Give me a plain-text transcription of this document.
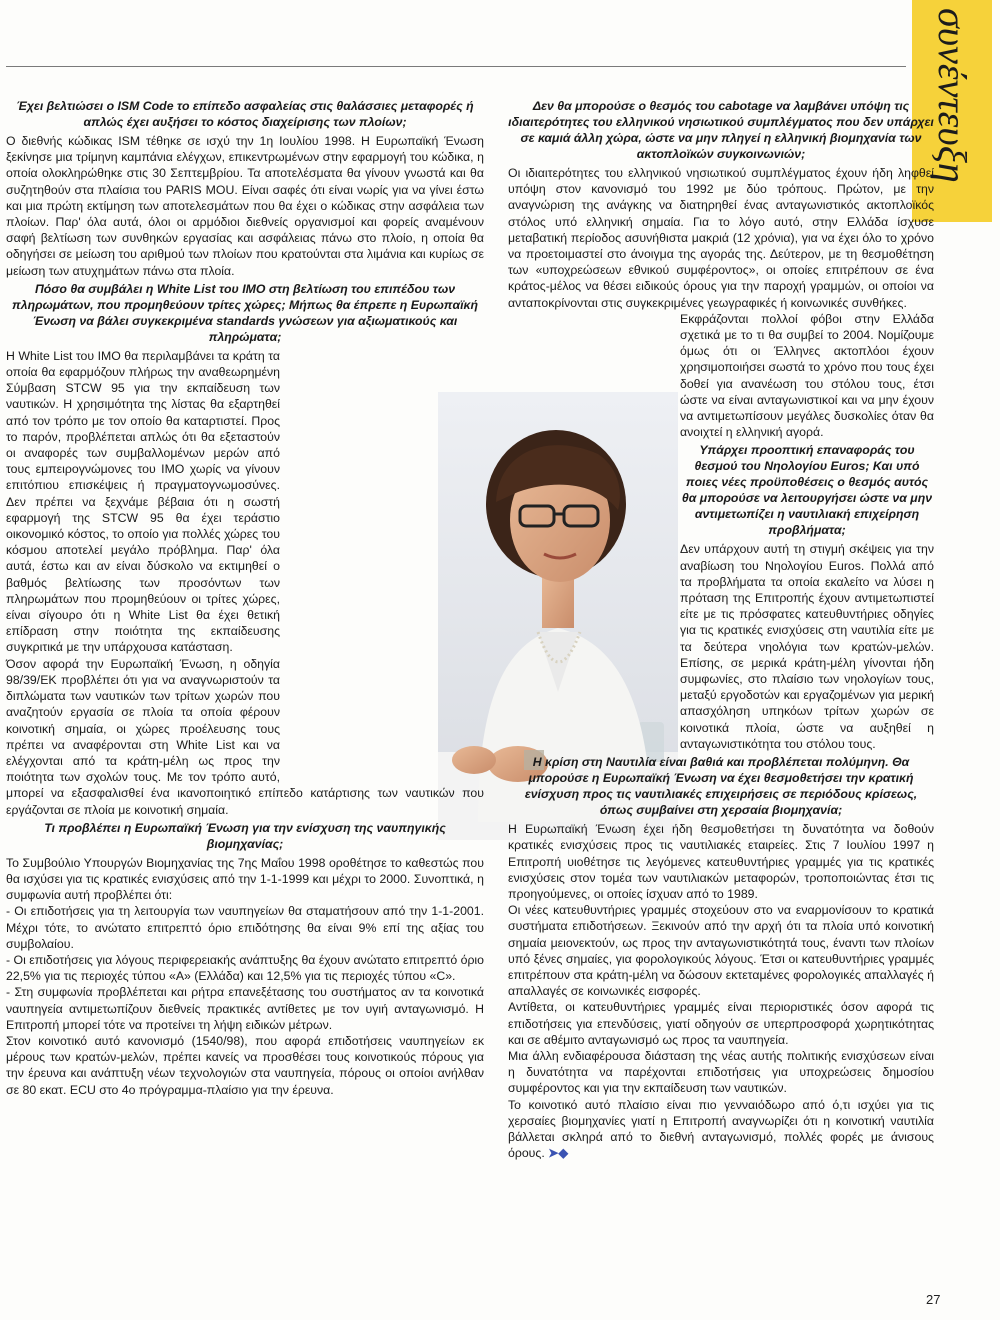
συνέντευξη

Έχει βελτιώσει ο ISM Code το επίπεδο ασφαλείας στις θαλάσσιες μεταφορές ή απλώς έχει αυξήσει το κόστος διαχείρισης των πλοίων;

Ο διεθνής κώδικας ISM τέθηκε σε ισχύ την 1η Ιουλίου 1998. Η Ευρωπαϊκή Ένωση ξεκίνησε μια τρίμηνη καμπάνια ελέγχων, επικεντρωμένων στην εφαρμογή του κώδικα, η οποία ολοκληρώθηκε στις 30 Σεπτεμβρίου. Τα αποτελέσματα θα γίνουν γνωστά και θα συζητηθούν στα πλαίσια του PARIS MOU. Είναι σαφές ότι είναι νωρίς για να γίνει έστω και μια πρώτη εκτίμηση των αποτελεσμάτων που θα έχει ο κώδικας στην ασφάλεια των πλοίων. Παρ' όλα αυτά, όλοι οι αρμόδιοι διεθνείς οργανισμοί και φορείς αναμένουν σαφή βελτίωση των συνθηκών εργασίας και ασφάλειας πάνω στο πλοίο, η οποία θα οδηγήσει σε μείωση του αριθμού των πλοίων που κρατούνται στα λιμάνια και κυρίως σε μείωση των ατυχημάτων πάνω στα πλοία.

Πόσο θα συμβάλει η White List του IMO στη βελτίωση του επιπέδου των πληρωμάτων, που προμηθεύουν τρίτες χώρες; Μήπως θα έπρεπε η Ευρωπαϊκή Ένωση να βάλει συγκεκριμένα standards γνώσεων για αξιωματικούς και πληρώματα;

Η White List του IMO θα περιλαμβάνει τα κράτη τα οποία θα εφαρμόζουν πλήρως την αναθεωρημένη Σύμβαση STCW 95 για την εκπαίδευση των ναυτικών. Η χρησιμότητα της λίστας θα εξαρτηθεί από τον τρόπο με τον οποίο θα καταρτιστεί. Προς το παρόν, προβλέπεται απλώς ότι θα εξεταστούν οι αναφορές των συμβαλλομένων μερών από τους εμπειρογνώμονες του IMO χωρίς να γίνουν επιτόπιου επισκέψεις ή πραγματογνωμοσύνες. Δεν πρέπει να ξεχνάμε βέβαια ότι η σωστή εφαρμογή της STCW 95 θα έχει τεράστιο οικονομικό κόστος, το οποίο για πολλές χώρες του κόσμου αποτελεί μεγάλο πρόβλημα. Παρ' όλα αυτά, έστω και αν είναι δύσκολο να εκτιμηθεί ο βαθμός βελτίωσης των προσόντων των πληρωμάτων που προμηθεύουν οι τρίτες χώρες, είναι σίγουρο ότι η White List θα έχει θετική επίδραση στην ποιότητα της εκπαίδευσης συγκριτικά με την υπάρχουσα κατάσταση.

Όσον αφορά την Ευρωπαϊκή Ένωση, η οδηγία 98/39/ΕΚ προβλέπει ότι για να αναγνωριστούν τα διπλώματα των ναυτικών των τρίτων χωρών που αναζητούν εργασία σε πλοία τα οποία φέρουν κοινοτική σημαία, οι χώρες προέλευσης τους πρέπει να αναφέρονται στη White List και να ελέγχονται από τα κράτη-μέλη ως προς την ποιότητα των σχολών τους. Με τον τρόπο αυτό, μπορεί να εξασφαλισθεί ένα ικανοποιητικό επίπεδο κατάρτισης των ναυτικών που εργάζονται σε πλοία με κοινοτική σημαία.

Τι προβλέπει η Ευρωπαϊκή Ένωση για την ενίσχυση της ναυπηγικής βιομηχανίας;

Το Συμβούλιο Υπουργών Βιομηχανίας της 7ης Μαΐου 1998 οροθέτησε το καθεστώς που θα ισχύσει για τις κρατικές ενισχύσεις από την 1-1-1999 και μέχρι το 2000. Συνοπτικά, η συμφωνία αυτή προβλέπει ότι:

- Οι επιδοτήσεις για τη λειτουργία των ναυπηγείων θα σταματήσουν από την 1-1-2001. Μέχρι τότε, το ανώτατο επιτρεπτό όριο επιδότησης θα είναι 9% επί της αξίας του συμβολαίου.

- Οι επιδοτήσεις για λόγους περιφερειακής ανάπτυξης θα έχουν ανώτατο επιτρεπτό όριο 22,5% για τις περιοχές τύπου «Α» (Ελλάδα) και 12,5% για τις περιοχές τύπου «C».

- Στη συμφωνία προβλέπεται και ρήτρα επανεξέτασης του συστήματος αν τα κοινοτικά ναυπηγεία αντιμετωπίζουν διεθνείς πρακτικές αντίθετες με τον υγιή ανταγωνισμό. Η Επιτροπή μπορεί τότε να προτείνει τη λήψη ειδικών μέτρων.

Στον κοινοτικό αυτό κανονισμό (1540/98), που αφορά επιδοτήσεις ναυπηγείων εκ μέρους των κρατών-μελών, πρέπει κανείς να προσθέσει τους κοινοτικούς πόρους για την έρευνα και ανάπτυξη νέων τεχνολογιών στα ναυπηγεία, πόρους οι οποίοι ανήλθαν σε 80 εκατ. ECU στο 4ο πρόγραμμα-πλαίσιο για την έρευνα.

Δεν θα μπορούσε ο θεσμός του cabotage να λαμβάνει υπόψη τις ιδιαιτερότητες του ελληνικού νησιωτικού συμπλέγματος που δεν υπάρχει σε καμιά άλλη χώρα, ώστε να μην πληγεί η ελληνική βιομηχανία των ακτοπλοϊκών συγκοινωνιών;

Οι ιδιαιτερότητες του ελληνικού νησιωτικού συμπλέγματος έχουν ήδη ληφθεί υπόψη στον κανονισμό του 1992 με δύο τρόπους. Πρώτον, με την αναγνώριση της ανάγκης να διατηρηθεί ένας ανταγωνιστικός ακτοπλοϊκός στόλος υπό ελληνική σημαία. Για το λόγο αυτό, στην Ελλάδα ίσχυσε μεταβατική περίοδος ασυνήθιστα μακριά (12 χρόνια), για να έχει όλο το χρόνο να προετοιμαστεί στο άνοιγμα της αγοράς της. Δεύτερον, με τη θεσμοθέτηση των «υποχρεώσεων εθνικού συμφέροντος», οι οποίες επιτρέπουν σε ένα κράτος-μέλος να θέσει ειδικούς όρους για την παροχή γραμμών, οι οποίοι να ανταποκρίνονται στις συγκεκριμένες γεωγραφικές ή κοινωνικές συνθήκες.

Εκφράζονται πολλοί φόβοι στην Ελλάδα σχετικά με το τι θα συμβεί το 2004. Νομίζουμε όμως ότι οι Έλληνες ακτοπλόοι έχουν χρησιμοποιήσει σωστά το χρόνο που τους έχει δοθεί για ανανέωση του στόλου τους, έτσι ώστε να είναι ανταγωνιστικοί και να μην έχουν να αντιμετωπίσουν μεγάλες δυσκολίες όταν θα ανοιχτεί η ελληνική αγορά.

Υπάρχει προοπτική επαναφοράς του θεσμού του Νηολογίου Euros; Και υπό ποιες νέες προϋποθέσεις ο θεσμός αυτός θα μπορούσε να λειτουργήσει ώστε να μην αντιμετωπίζει η ναυτιλιακή επιχείρηση προβλήματα;

Δεν υπάρχουν αυτή τη στιγμή σκέψεις για την αναβίωση του Νηολογίου Euros. Πολλά από τα προβλήματα τα οποία εκαλείτο να λύσει η πρόταση της Επιτροπής έχουν αντιμετωπιστεί είτε με τις πρόσφατες κατευθυντήριες οδηγίες για τις κρατικές ενισχύσεις στη ναυτιλία είτε με τα δεύτερα νηολόγια των κρατών-μελών. Επίσης, σε μερικά κράτη-μέλη γίνονται ήδη συμφωνίες, στο πλαίσιο των νηολογίων τους, μεταξύ εργοδοτών και εργαζομένων για μερική απασχόληση υπηκόων τρίτων χωρών σε κοινοτικά πλοία, ώστε να αυξηθεί η ανταγωνιστικότητα του στόλου τους.

Η κρίση στη Ναυτιλία είναι βαθιά και προβλέπεται πολύμηνη. Θα μπορούσε η Ευρωπαϊκή Ένωση να έχει θεσμοθετήσει την κρατική ενίσχυση προς τις ναυτιλιακές επιχειρήσεις σε περιόδους κρίσεως, όπως συμβαίνει στη χερσαία βιομηχανία;

Η Ευρωπαϊκή Ένωση έχει ήδη θεσμοθετήσει τη δυνατότητα να δοθούν κρατικές ενισχύσεις προς τις ναυτιλιακές εταιρείες. Στις 7 Ιουλίου 1997 η Επιτροπή υιοθέτησε τις λεγόμενες κατευθυντήριες γραμμές για τις κρατικές ενισχύσεις στον τομέα των ναυτιλιακών μεταφορών, τροποποιώντας έτσι τις προηγούμενες, οι οποίες ίσχυαν από το 1989.

Οι νέες κατευθυντήριες γραμμές στοχεύουν στο να εναρμονίσουν το κρατικά συστήματα επιδοτήσεων. Ξεκινούν από την αρχή ότι τα πλοία υπό κοινοτική σημαία μειονεκτούν, ως προς την ανταγωνιστικότητά τους, έναντι των πλοίων υπό ξένες σημαίες, για φορολογικούς λόγους. Έτσι οι κατευθυντήριες γραμμές επιτρέπουν στα κράτη-μέλη να δώσουν εκτεταμένες φορολογικές απαλλαγές ή απαλλαγές σε κοινωνικές εισφορές.

Αντίθετα, οι κατευθυντήριες γραμμές είναι περιοριστικές όσον αφορά τις επιδοτήσεις για επενδύσεις, γιατί οδηγούν σε υπερπροσφορά χωρητικότητας και σε αθέμιτο ανταγωνισμό ως προς τα ναυπηγεία.

Μια άλλη ενδιαφέρουσα διάσταση της νέας αυτής πολιτικής ενισχύσεων είναι η δυνατότητα να παρέχονται επιδοτήσεις για υποχρεώσεις δημοσίου συμφέροντος και για την εκπαίδευση των ναυτικών.

Το κοινοτικό αυτό πλαίσιο είναι πιο γενναιόδωρο από ό,τι ισχύει για τις χερσαίες βιομηχανίες γιατί η Επιτροπή αναγνωρίζει ότι η κοινοτική ναυτιλία βάλλεται σκληρά από το διεθνή ανταγωνισμό, πολλές φορές με άνισους όρους. ➤◆

27
